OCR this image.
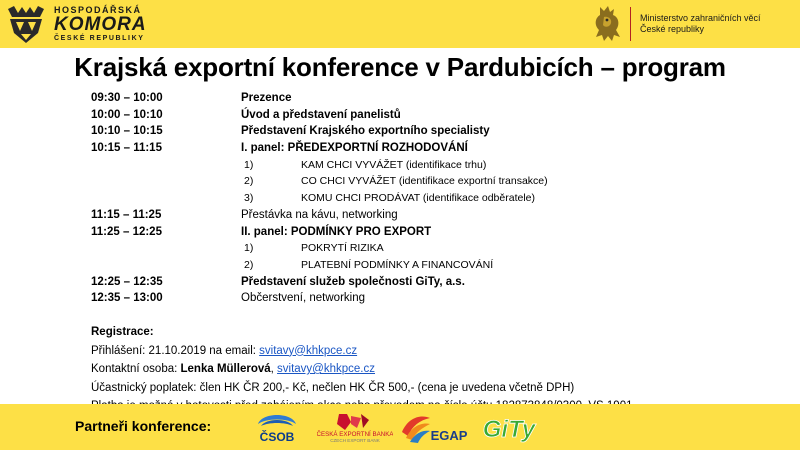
HOSPODÁŘSKÁ
KOMORA
ČESKÉ REPUBLIKY
Ministerstvo zahraničních věcí
České republiky
Krajská exportní konference v Pardubicích – program
09:30 – 10:00	Prezence
10:00 – 10:10	Úvod a představení panelistů
10:10 – 10:15	Představení Krajského exportního specialisty
10:15 – 11:15	I. panel: PŘEDEXPORTNÍ ROZHODOVÁNÍ
1)	KAM CHCI VYVÁŽET (identifikace trhu)
2)	CO CHCI VYVÁŽET (identifikace exportní transakce)
3)	KOMU CHCI PRODÁVAT (identifikace odběratele)
11:15 – 11:25	Přestávka na kávu, networking
11:25 – 12:25	II. panel: PODMÍNKY PRO EXPORT
1)	POKRYTÍ RIZIKA
2)	PLATEBNÍ PODMÍNKY A FINANCOVÁNÍ
12:25 – 12:35	Představení služeb společnosti GiTy, a.s.
12:35 – 13:00	Občerstvení, networking
Registrace:
Přihlášení: 21.10.2019 na email: svitavy@khkpce.cz
Kontaktní osoba: Lenka Müllerová, svitavy@khkpce.cz
Účastnický poplatek: člen HK ČR 200,- Kč, nečlen HK ČR 500,- (cena je uvedena včetně DPH)
Partneři konference:
ČSOB	ČESKÁ EXPORTNÍ BANKA
CZECH EXPORT BANK	EGAP GiTy
